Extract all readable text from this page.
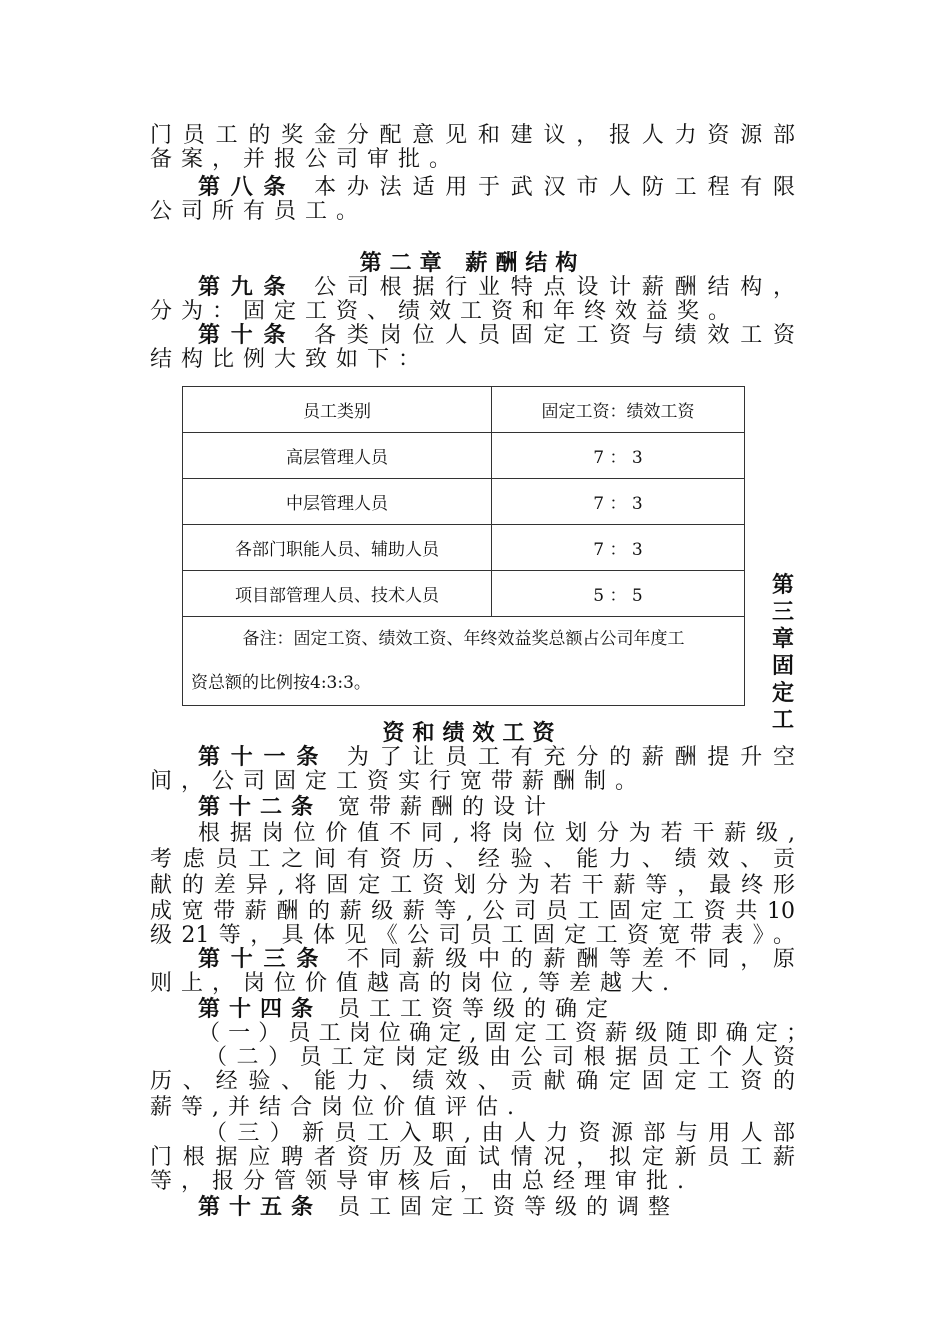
门员工的奖金分配意见和建议，报人力资源部
备案，并报公司审批。
第八条 本办法适用于武汉市人防工程有限
公司所有员工。
第二章 薪酬结构
第九条 公司根据行业特点设计薪酬结构，
分为：固定工资、绩效工资和年终效益奖。
第十条 各类岗位人员固定工资与绩效工资
结构比例大致如下：
员工类别	固定工资：绩效工资
高层管理人员	7 ： 3
中层管理人员	7 ： 3
各部门职能人员、辅助人员	7 ： 3
项目部管理人员、技术人员	5 ： 5

备注：固定工资、绩效工资、年终效益奖总额占公司年度工
资总额的比例按4:3:3。	
第
三
章
固
定
工
资和绩效工资
第十一条 为了让员工有充分的薪酬提升空
间，公司固定工资实行宽带薪酬制。
第十二条 宽带薪酬的设计
根据岗位价值不同,将岗位划分为若干薪级,
考虑员工之间有资历、经验、能力、绩效、贡
献的差异,将固定工资划分为若干薪等，最终形
成宽带薪酬的薪级薪等,公司员工固定工资共10
级21等，具体见《公司员工固定工资宽带表》。
第十三条 不同薪级中的薪酬等差不同，原
则上，岗位价值越高的岗位,等差越大.
第十四条 员工工资等级的确定
（一）员工岗位确定,固定工资薪级随即确定；
（二）员工定岗定级由公司根据员工个人资
历、经验、能力、绩效、贡献确定固定工资的
薪等,并结合岗位价值评估.
（三）新员工入职,由人力资源部与用人部
门根据应聘者资历及面试情况，拟定新员工薪
等，报分管领导审核后，由总经理审批.
第十五条 员工固定工资等级的调整
